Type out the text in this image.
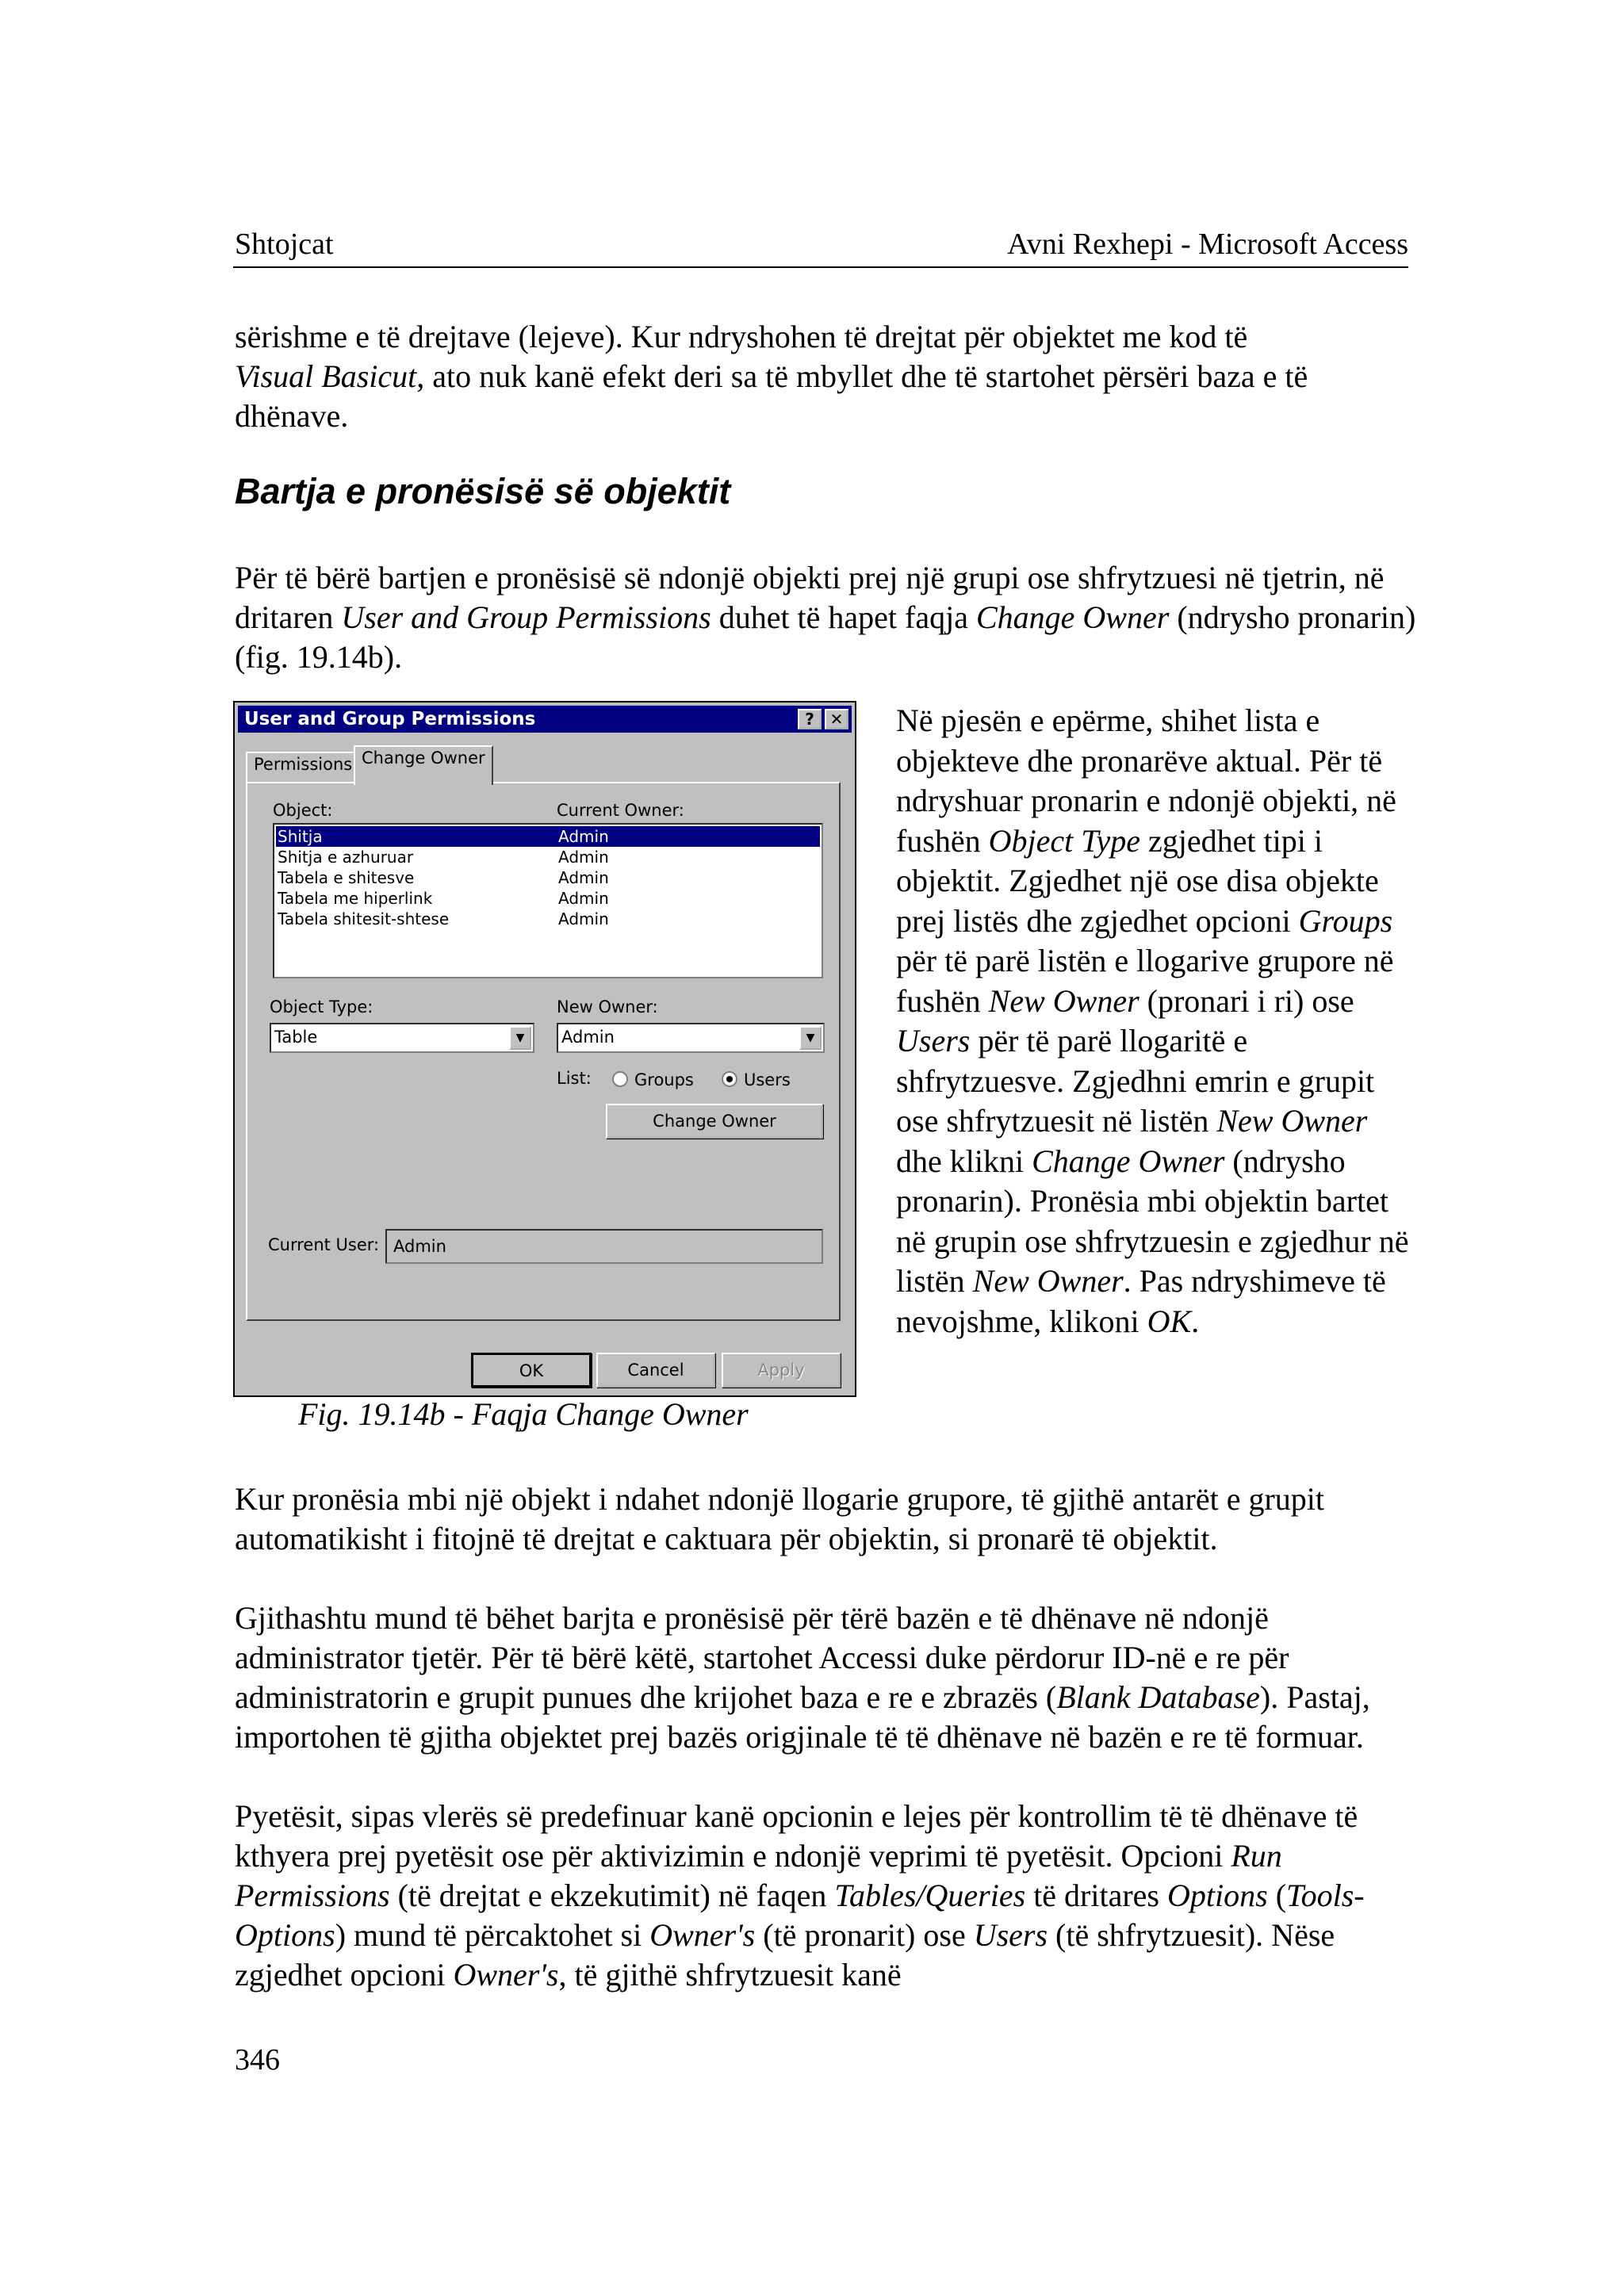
Shtojcat	Avni Rexhepi - Microsoft Access

sërishme e të drejtave (lejeve). Kur ndryshohen të drejtat për objektet me kod të
Visual Basicut, ato nuk kanë efekt deri sa të mbyllet dhe të startohet përsëri baza e të dhënave.

Bartja e pronësisë së objektit

Për të bërë bartjen e pronësisë së ndonjë objekti prej një grupi ose shfrytzuesi në tjetrin, në dritaren User and Group Permissions duhet të hapet faqja Change Owner (ndrysho pronarin) (fig. 19.14b).

User and Group Permissions	? ✕
Permissions Change Owner
Object:	Current Owner:
Shitja	Admin
Shitja e azhuruar	Admin
Tabela e shitesve	Admin
Tabela me hiperlink	Admin
Tabela shitesit-shtese	Admin
Object Type:
Table	▼
New Owner:
Admin	▼
List:	Groups	Users
Change Owner
Current User: Admin
OK	Cancel	Apply

Fig. 19.14b - Faqja Change Owner

Në pjesën e epërme, shihet lista e objekteve dhe pronarëve aktual. Për të ndryshuar pronarin e ndonjë objekti, në fushën Object Type zgjedhet tipi i objektit. Zgjedhet një ose disa objekte prej listës dhe zgjedhet opcioni Groups për të parë listën e llogarive grupore në fushën New Owner (pronari i ri) ose Users për të parë llogaritë e shfrytzuesve. Zgjedhni emrin e grupit ose shfrytzuesit në listën New Owner dhe klikni Change Owner (ndrysho pronarin). Pronësia mbi objektin bartet në grupin ose shfrytzuesin e zgjedhur në listën New Owner. Pas ndryshimeve të nevojshme, klikoni OK.

Kur pronësia mbi një objekt i ndahet ndonjë llogarie grupore, të gjithë antarët e grupit automatikisht i fitojnë të drejtat e caktuara për objektin, si pronarë të objektit.

Gjithashtu mund të bëhet barjta e pronësisë për tërë bazën e të dhënave në ndonjë administrator tjetër. Për të bërë këtë, startohet Accessi duke përdorur ID-në e re për administratorin e grupit punues dhe krijohet baza e re e zbrazës (Blank Database). Pastaj, importohen të gjitha objektet prej bazës origjinale të të dhënave në bazën e re të formuar.

Pyetësit, sipas vlerës së predefinuar kanë opcionin e lejes për kontrollim të të dhënave të kthyera prej pyetësit ose për aktivizimin e ndonjë veprimi të pyetësit. Opcioni Run Permissions (të drejtat e ekzekutimit) në faqen Tables/Queries të dritares Options (Tools-Options) mund të përcaktohet si Owner's (të pronarit) ose Users (të shfrytzuesit). Nëse zgjedhet opcioni Owner's, të gjithë shfrytzuesit kanë

346
